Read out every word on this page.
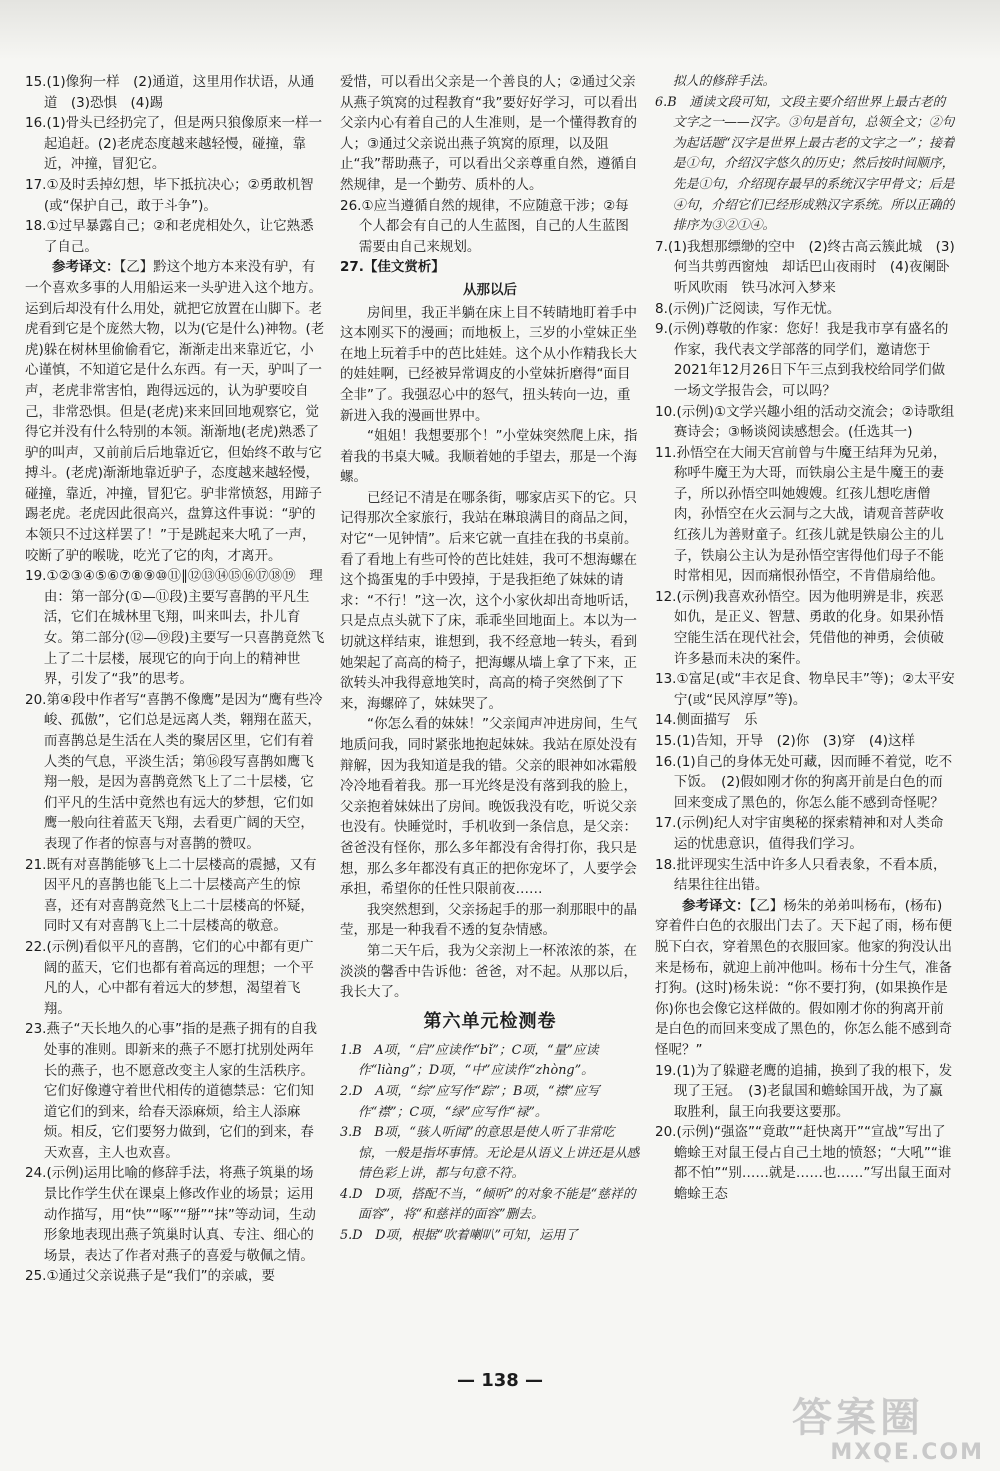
15.(1)像狗一样　(2)通道，这里用作状语，从通道　(3)恐惧　(4)踢
16.(1)骨头已经扔完了，但是两只狼像原来一样一起追赶。(2)老虎态度越来越轻慢，碰撞，靠近，冲撞，冒犯它。
17.①及时丢掉幻想，毕下抵抗决心；②勇敢机智(或“保护自己，敢于斗争”)。
18.①过早暴露自己；②和老虎相处久，让它熟悉了自己。
参考译文：【乙】黔这个地方本来没有驴，有一个喜欢多事的人用船运来一头驴进入这个地方。运到后却没有什么用处，就把它放置在山脚下。老虎看到它是个庞然大物，以为(它是什么)神物。(老虎)躲在树林里偷偷看它，渐渐走出来靠近它，小心谨慎，不知道它是什么东西。有一天，驴叫了一声，老虎非常害怕，跑得远远的，认为驴要咬自己，非常恐惧。但是(老虎)来来回回地观察它，觉得它并没有什么特别的本领。渐渐地(老虎)熟悉了驴的叫声，又前前后后地靠近它，但始终不敢与它搏斗。(老虎)渐渐地靠近驴子，态度越来越轻慢，碰撞，靠近，冲撞，冒犯它。驴非常愤怒，用蹄子踢老虎。老虎因此很高兴，盘算这件事说：“驴的本领只不过这样罢了！”于是跳起来大吼了一声，咬断了驴的喉咙，吃光了它的肉，才离开。
19.①②③④⑤⑥⑦⑧⑨⑩⑪∥⑫⑬⑭⑮⑯⑰⑱⑲　理由：第一部分(①—⑪段)主要写喜鹊的平凡生活，它们在城林里飞翔，叫来叫去，扑儿育女。第二部分(⑫—⑲段)主要写一只喜鹊竟然飞上了二十层楼，展现它的向于向上的精神世界，引发了“我”的思考。
20.第④段中作者写“喜鹊不像鹰”是因为“鹰有些冷峻、孤傲”，它们总是远离人类，翱翔在蓝天，而喜鹊总是生活在人类的聚居区里，它们有着人类的气息，平淡生活；第⑯段写喜鹊如鹰飞翔一般，是因为喜鹊竟然飞上了二十层楼，它们平凡的生活中竟然也有远大的梦想，它们如鹰一般向往着蓝天飞翔，去看更广阔的天空，表现了作者的惊喜与对喜鹊的赞叹。
21.既有对喜鹊能够飞上二十层楼高的震撼，又有因平凡的喜鹊也能飞上二十层楼高产生的惊喜，还有对喜鹊竟然飞上二十层楼高的怀疑，同时又有对喜鹊飞上二十层楼高的敬意。
22.(示例)看似平凡的喜鹊，它们的心中都有更广阔的蓝天，它们也都有着高远的理想；一个平凡的人，心中都有着远大的梦想，渴望着飞翔。
23.燕子“天长地久的心事”指的是燕子拥有的自我处事的准则。即新来的燕子不愿打扰别处两年长的燕子，也不愿意改变主人家的生活秩序。它们好像遵守着世代相传的道德禁忌：它们知道它们的到来，给春天添麻烦，给主人添麻烦。相反，它们要努力做到，它们的到来，春天欢喜，主人也欢喜。
24.(示例)运用比喻的修辞手法，将燕子筑巢的场景比作学生伏在课桌上修改作业的场景；运用动作描写，用“快”“啄”“掰”“抹”等动词，生动形象地表现出燕子筑巢时认真、专注、细心的场景，表达了作者对燕子的喜爱与敬佩之情。
25.①通过父亲说燕子是“我们”的亲戚，要
爱惜，可以看出父亲是一个善良的人；②通过父亲从燕子筑窝的过程教育“我”要好好学习，可以看出父亲内心有着自己的人生准则，是一个懂得教育的人；③通过父亲说出燕子筑窝的原理，以及阻止“我”帮助燕子，可以看出父亲尊重自然，遵循自然规律，是一个勤劳、质朴的人。
26.①应当遵循自然的规律，不应随意干涉；②每个人都会有自己的人生蓝图，自己的人生蓝图需要由自己来规划。
27.【佳文赏析】
从那以后
房间里，我正半躺在床上目不转睛地盯着手中这本刚买下的漫画；而地板上，三岁的小堂妹正坐在地上玩着手中的芭比娃娃。这个从小作精我长大的娃娃啊，已经被异常调皮的小堂妹折磨得“面目全非”了。我强忍心中的怒气，扭头转向一边，重新进入我的漫画世界中。
“姐姐！我想要那个！”小堂妹突然爬上床，指着我的书桌大喊。我顺着她的手望去，那是一个海螺。
已经记不清是在哪条街，哪家店买下的它。只记得那次全家旅行，我站在琳琅满目的商品之间，对它“一见钟情”。后来它就一直挂在我的书桌前。看了看地上有些可怜的芭比娃娃，我可不想海螺在这个捣蛋鬼的手中毁掉，于是我拒绝了妹妹的请求：“不行！”这一次，这个小家伙却出奇地听话，只是点点头就下了床，乖乖坐回地面上。本以为一切就这样结束，谁想到，我不经意地一转头，看到她架起了高高的椅子，把海螺从墙上拿了下来，正欲转头冲我得意地笑时，高高的椅子突然倒了下来，海螺碎了，妹妹哭了。
“你怎么看的妹妹！”父亲闻声冲进房间，生气地质问我，同时紧张地抱起妹妹。我站在原处没有辩解，因为我知道是我的错。父亲的眼神如冰霜般冷冷地看着我。那一耳光终是没有落到我的脸上，父亲抱着妹妹出了房间。晚饭我没有吃，听说父亲也没有。快睡觉时，手机收到一条信息，是父亲：爸爸没有怪你，那么多年都没有舍得打你，我只是想，那么多年都没有真正的把你宠坏了，人要学会承担，希望你的任性只限前夜……
我突然想到，父亲扬起手的那一刹那眼中的晶莹，那是一种我看不透的复杂情感。
第二天午后，我为父亲沏上一杯浓浓的茶，在淡淡的馨香中告诉他：爸爸，对不起。从那以后，我长大了。
第六单元检测卷
1.B　A项，“启”应读作“bǐ”；C项，“量”应读作“liàng”；D项，“中”应读作“zhòng”。
2.D　A项，“综”应写作“踪”；B项，“襟”应写作“襟”；C项，“绿”应写作“禄”。
3.B　B项，“骇人听闻”的意思是使人听了非常吃惊，一般是指坏事情。无论是从语义上讲还是从感情色彩上讲，都与句意不符。
4.D　D项，搭配不当，“倾听”的对象不能是“慈祥的面容”，将“和慈祥的面容”删去。
5.D　D项，根据“吹着喇叭”可知，运用了
拟人的修辞手法。
6.B　通读文段可知，文段主要介绍世界上最古老的文字之一——汉字。③句是首句，总领全文；②句为起话题“汉字是世界上最古老的文字之一”；接着是①句，介绍汉字悠久的历史；然后按时间顺序，先是①句，介绍现存最早的系统汉字甲骨文；后是④句，介绍它们已经形成熟汉字系统。所以正确的排序为③②①④。
7.(1)我想那缥缈的空中　(2)终古高云簇此城　(3)何当共剪西窗烛　却话巴山夜雨时　(4)夜阑卧听风吹雨　铁马冰河入梦来
8.(示例)广泛阅读，写作无忧。
9.(示例)尊敬的作家：您好！我是我市享有盛名的作家，我代表文学部落的同学们，邀请您于2021年12月26日下午三点到我校给同学们做一场文学报告会，可以吗？
10.(示例)①文学兴趣小组的活动交流会；②诗歌组赛诗会；③畅谈阅读感想会。(任选其一)
11.孙悟空在大闹天宫前曾与牛魔王结拜为兄弟，称呼牛魔王为大哥，而铁扇公主是牛魔王的妻子，所以孙悟空叫她嫂嫂。红孩儿想吃唐僧肉，孙悟空在火云洞与之大战，请观音菩萨收红孩儿为善财童子。红孩儿就是铁扇公主的儿子，铁扇公主认为是孙悟空害得他们母子不能时常相见，因而痛恨孙悟空，不肯借扇给他。
12.(示例)我喜欢孙悟空。因为他明辨是非，疾恶如仇，是正义、智慧、勇敢的化身。如果孙悟空能生活在现代社会，凭借他的神勇，会侦破许多悬而未决的案件。
13.①富足(或“丰衣足食、物阜民丰”等)；②太平安宁(或“民风淳厚”等)。
14.侧面描写　乐
15.(1)告知，开导　(2)你　(3)穿　(4)这样
16.(1)自己的身体无处可藏，因而睡不着觉，吃不下饭。　(2)假如刚才你的狗离开前是白色的而回来变成了黑色的，你怎么能不感到奇怪呢？
17.(示例)纪人对宇宙奥秘的探索精神和对人类命运的忧患意识，值得我们学习。
18.批评现实生活中许多人只看表象，不看本质，结果往往出错。
参考译文：【乙】杨朱的弟弟叫杨布，(杨布)穿着件白色的衣服出门去了。天下起了雨，杨布便脱下白衣，穿着黑色的衣服回家。他家的狗没认出来是杨布，就迎上前冲他叫。杨布十分生气，准备打狗。(这时)杨朱说：“你不要打狗，(如果换作是你)你也会像它这样做的。假如刚才你的狗离开前是白色的而回来变成了黑色的，你怎么能不感到奇怪呢？”
19.(1)为了躲避老鹰的追捕，换到了我的根下，发现了王冠。　(3)老鼠国和蟾蜍国开战，为了赢取胜利，鼠王向我要这要那。
20.(示例)“强盗”“竟敢”“赶快离开”“宣战”写出了蟾蜍王对鼠王侵占自己土地的愤怒；“大吼”“谁都不怕”“别……就是……也……”写出鼠王面对蟾蜍王态
— 138 —
答案圈
MXQE.COM
